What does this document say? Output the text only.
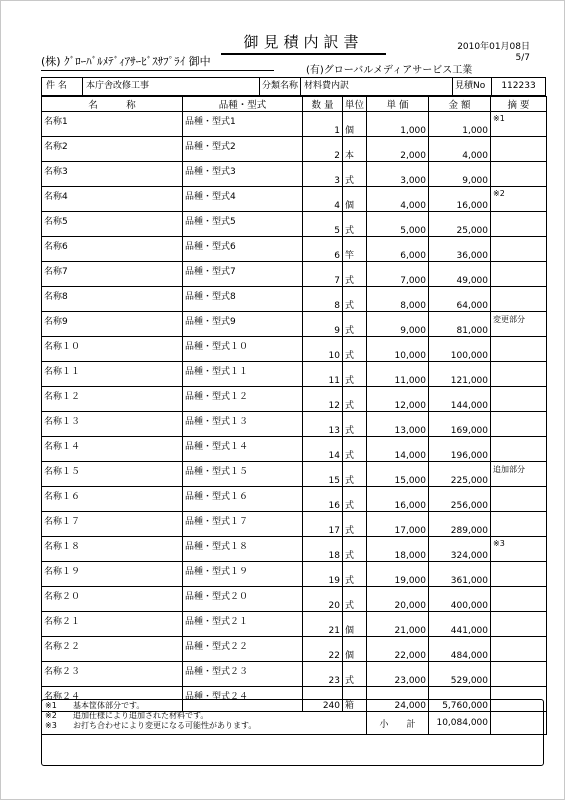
御見積内訳書	2010年01月08日
5/7
(株) ｸﾞﾛｰﾊﾞﾙﾒﾃﾞｨｱｻｰﾋﾞｽｻﾌﾟﾗｲ 御中
(有)グローバルメディアサービス工業
件 名	本庁舎改修工事	分類名称 材料費内訳	見積No	112233
名　　　称	品種・型式	数 量	単位	単 価	金 額	摘 要
名称1	品種・型式1	1	個	1,000	1,000	※1
名称2	品種・型式2	2	本	2,000	4,000	
名称3	品種・型式3	3	式	3,000	9,000	
名称4	品種・型式4	4	個	4,000	16,000	※2
名称5	品種・型式5	5	式	5,000	25,000	
名称6	品種・型式6	6	竿	6,000	36,000	
名称7	品種・型式7	7	式	7,000	49,000	
名称8	品種・型式8	8	式	8,000	64,000	
名称9	品種・型式9	9	式	9,000	81,000	変更部分
名称１０	品種・型式１０	10	式	10,000	100,000	
名称１１	品種・型式１１	11	式	11,000	121,000	
名称１２	品種・型式１２	12	式	12,000	144,000	
名称１３	品種・型式１３	13	式	13,000	169,000	
名称１４	品種・型式１４	14	式	14,000	196,000	
名称１５	品種・型式１５	15	式	15,000	225,000	追加部分
名称１６	品種・型式１６	16	式	16,000	256,000	
名称１７	品種・型式１７	17	式	17,000	289,000	
名称１８	品種・型式１８	18	式	18,000	324,000	※3
名称１９	品種・型式１９	19	式	19,000	361,000	
名称２０	品種・型式２０	20	式	20,000	400,000	
名称２１	品種・型式２１	21	個	21,000	441,000	
名称２２	品種・型式２２	22	個	22,000	484,000	
名称２３	品種・型式２３	23	式	23,000	529,000	
名称２４	品種・型式２４	240	箱	24,000	5,760,000	
				小　　計	10,084,000	
※1 基本筐体部分です。
※2 追加仕様により追加された材料です。
※3 お打ち合わせにより変更になる可能性があります。
